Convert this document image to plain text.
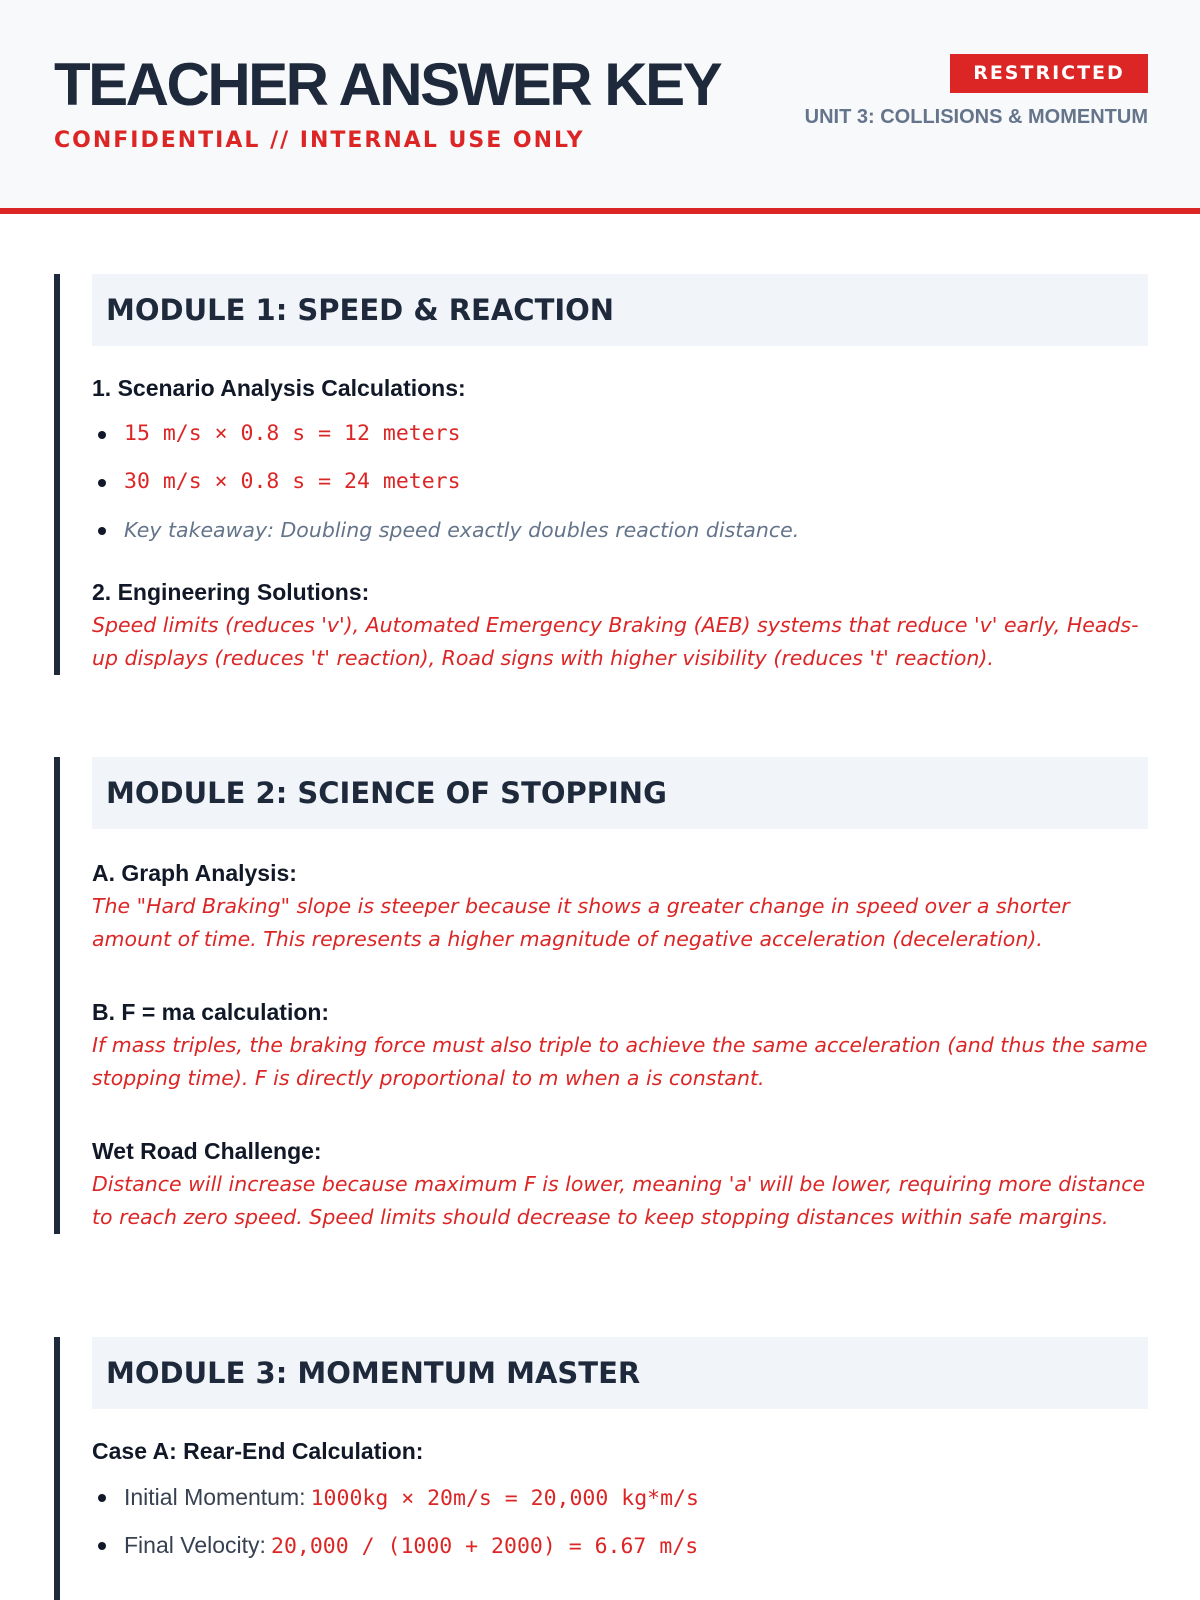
TEACHER ANSWER KEY
CONFIDENTIAL // INTERNAL USE ONLY
RESTRICTED
UNIT 3: COLLISIONS & MOMENTUM
MODULE 1: SPEED & REACTION
1. Scenario Analysis Calculations:
15 m/s × 0.8 s = 12 meters
30 m/s × 0.8 s = 24 meters
Key takeaway: Doubling speed exactly doubles reaction distance.
2. Engineering Solutions:
Speed limits (reduces 'v'), Automated Emergency Braking (AEB) systems that reduce 'v' early, Heads-up displays (reduces 't' reaction), Road signs with higher visibility (reduces 't' reaction).
MODULE 2: SCIENCE OF STOPPING
A. Graph Analysis:
The "Hard Braking" slope is steeper because it shows a greater change in speed over a shorter amount of time. This represents a higher magnitude of negative acceleration (deceleration).
B. F = ma calculation:
If mass triples, the braking force must also triple to achieve the same acceleration (and thus the same stopping time). F is directly proportional to m when a is constant.
Wet Road Challenge:
Distance will increase because maximum F is lower, meaning 'a' will be lower, requiring more distance to reach zero speed. Speed limits should decrease to keep stopping distances within safe margins.
MODULE 3: MOMENTUM MASTER
Case A: Rear-End Calculation:
Initial Momentum: 1000kg × 20m/s = 20,000 kg*m/s
Final Velocity: 20,000 / (1000 + 2000) = 6.67 m/s
